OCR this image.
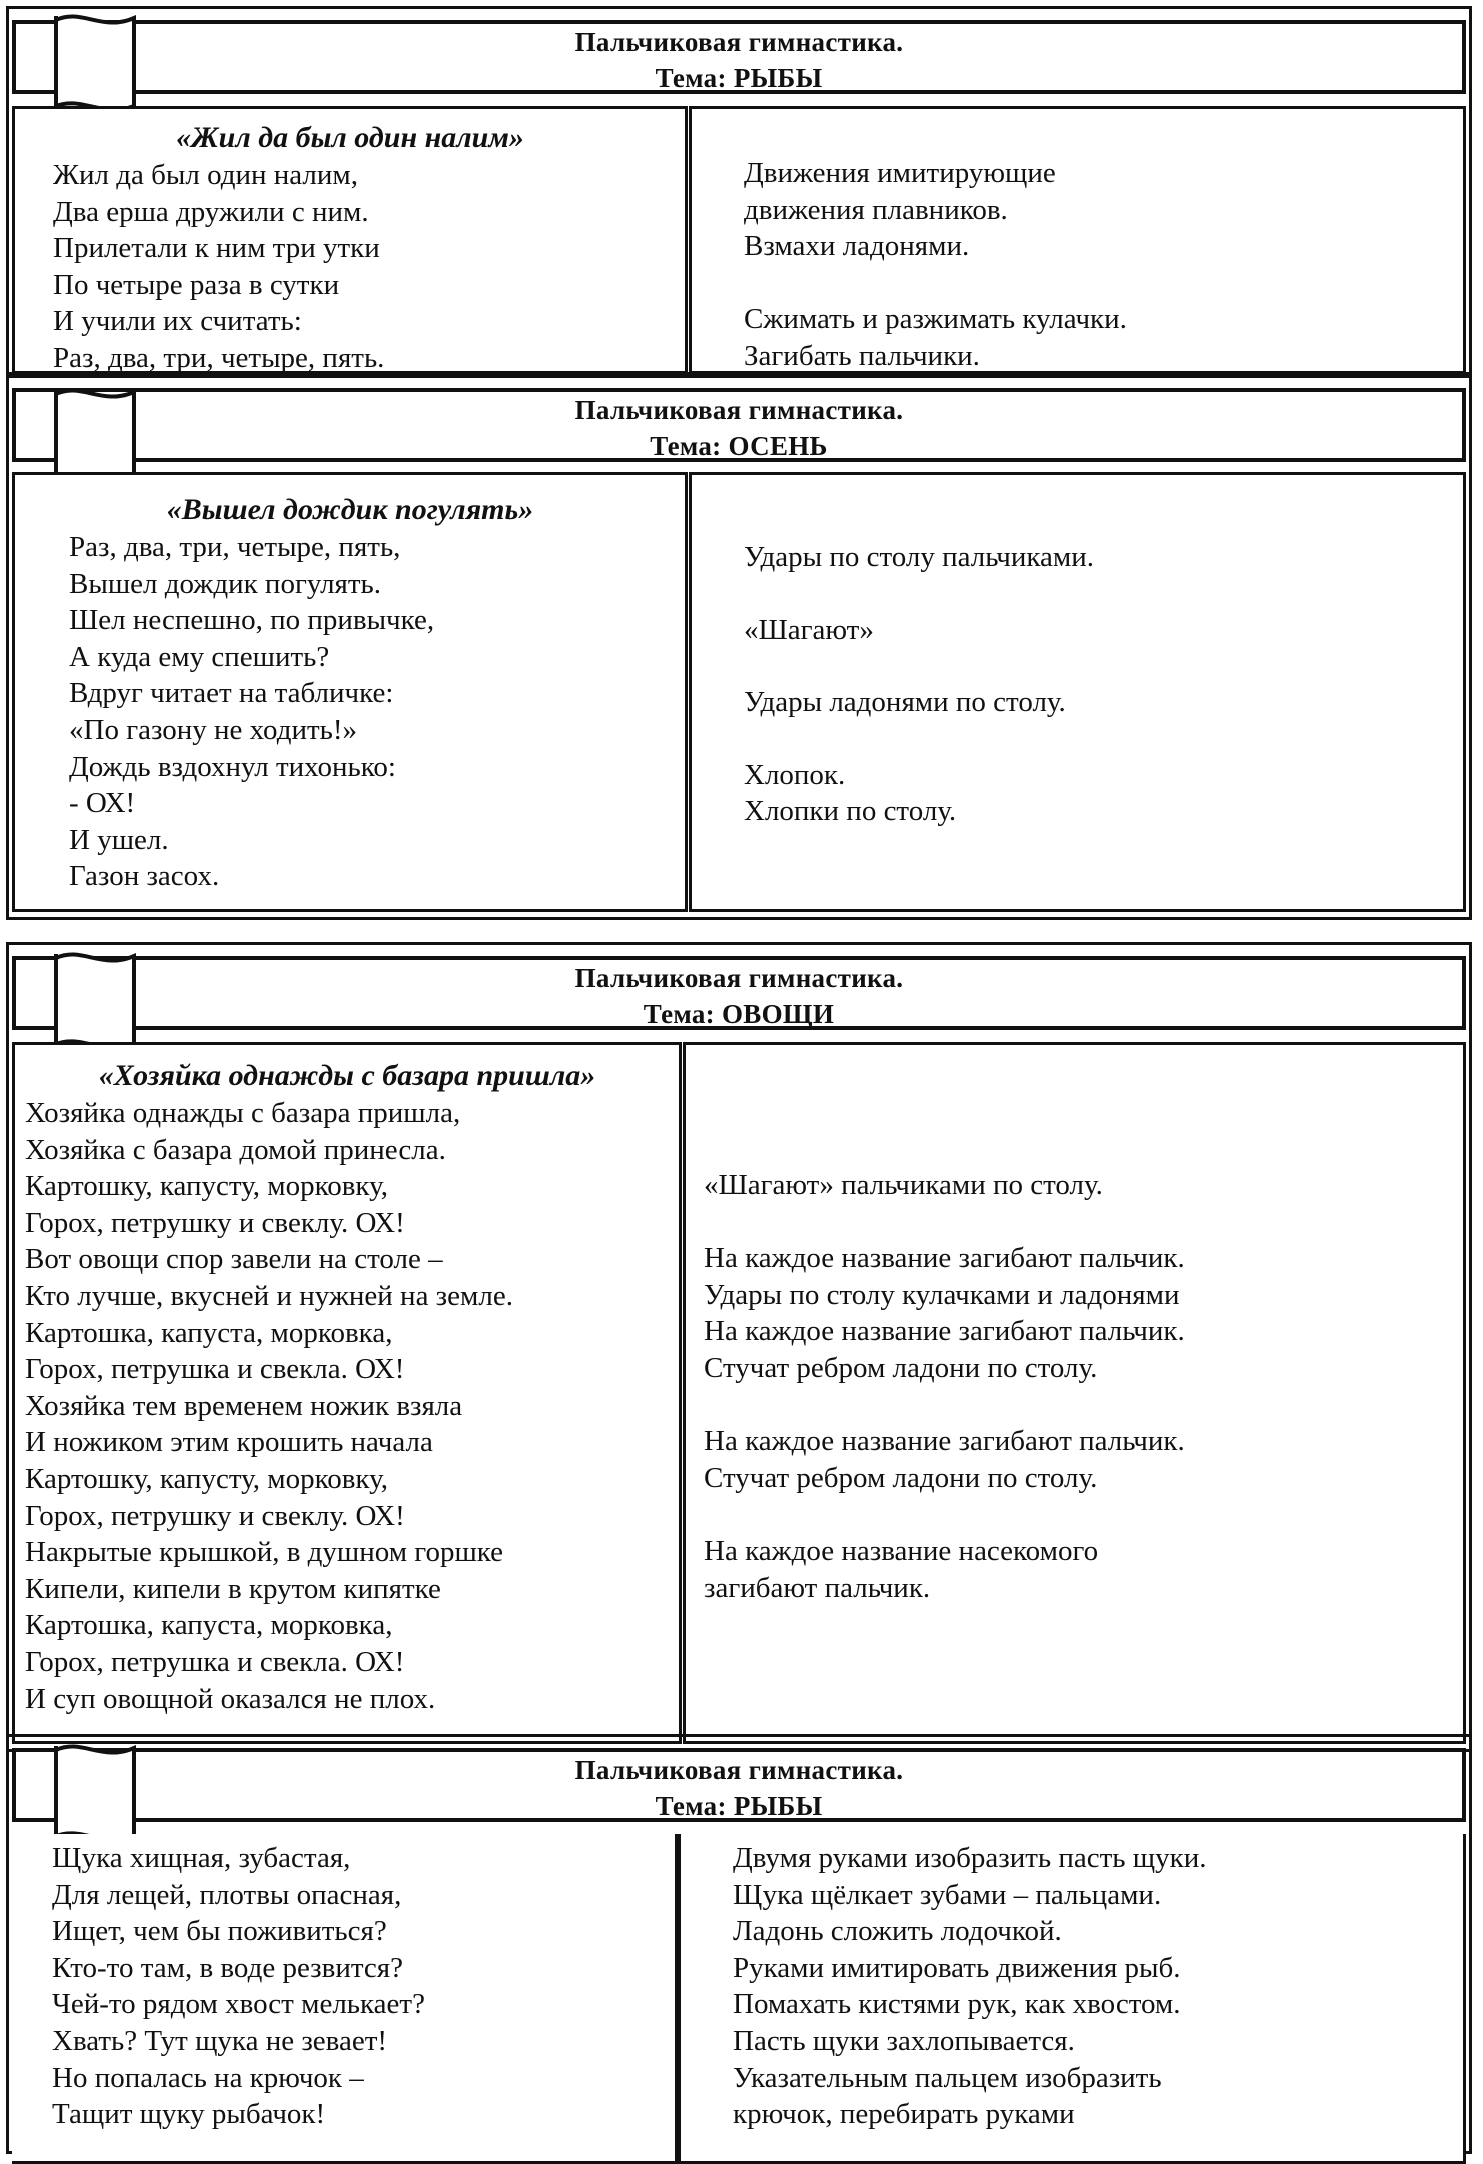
Пальчиковая гимнастика.
Тема: РЫБЫ
«Жил да был один налим»
Жил да был один налим,
Два ерша дружили с ним.
Прилетали к ним три утки
По четыре раза в сутки
И учили их считать:
Раз, два, три, четыре, пять.
Движения имитирующие
движения плавников.
Взмахи ладонями.
Сжимать и разжимать кулачки.
Загибать пальчики.
Пальчиковая гимнастика.
Тема: ОСЕНЬ
«Вышел дождик погулять»
Раз, два, три, четыре, пять,
Вышел дождик погулять.
Шел неспешно, по привычке,
А куда ему спешить?
Вдруг читает на табличке:
«По газону не ходить!»
Дождь вздохнул тихонько:
- ОХ!
И ушел.
Газон засох.
Удары по столу пальчиками.
«Шагают»
Удары ладонями по столу.
Хлопок.
Хлопки по столу.
Пальчиковая гимнастика.
Тема: ОВОЩИ
«Хозяйка однажды с базара пришла»
Хозяйка однажды с базара пришла,
Хозяйка с базара домой принесла.
Картошку, капусту, морковку,
Горох, петрушку и свеклу. ОХ!
Вот овощи спор завели на столе –
Кто лучше, вкусней и нужней на земле.
Картошка, капуста, морковка,
Горох, петрушка и свекла. ОХ!
Хозяйка тем временем ножик взяла
И ножиком этим крошить начала
Картошку, капусту, морковку,
Горох, петрушку и свеклу. ОХ!
Накрытые крышкой, в душном горшке
Кипели, кипели в крутом кипятке
Картошка, капуста, морковка,
Горох, петрушка и свекла. ОХ!
И суп овощной оказался не плох.
«Шагают» пальчиками по столу.
На каждое название загибают пальчик.
Удары по столу кулачками и ладонями
На каждое название загибают пальчик.
Стучат ребром ладони по столу.
На каждое название загибают пальчик.
Стучат ребром ладони по столу.
На каждое название насекомого
загибают пальчик.
Пальчиковая гимнастика.
Тема: РЫБЫ
Щука хищная, зубастая,
Для лещей, плотвы опасная,
Ищет, чем бы поживиться?
Кто-то там, в воде резвится?
Чей-то рядом хвост мелькает?
Хвать? Тут щука не зевает!
Но попалась на крючок –
Тащит щуку рыбачок!
Двумя руками изобразить пасть щуки.
Щука щёлкает зубами – пальцами.
Ладонь сложить лодочкой.
Руками имитировать движения рыб.
Помахать кистями рук, как хвостом.
Пасть щуки захлопывается.
Указательным пальцем изобразить
крючок, перебирать руками
